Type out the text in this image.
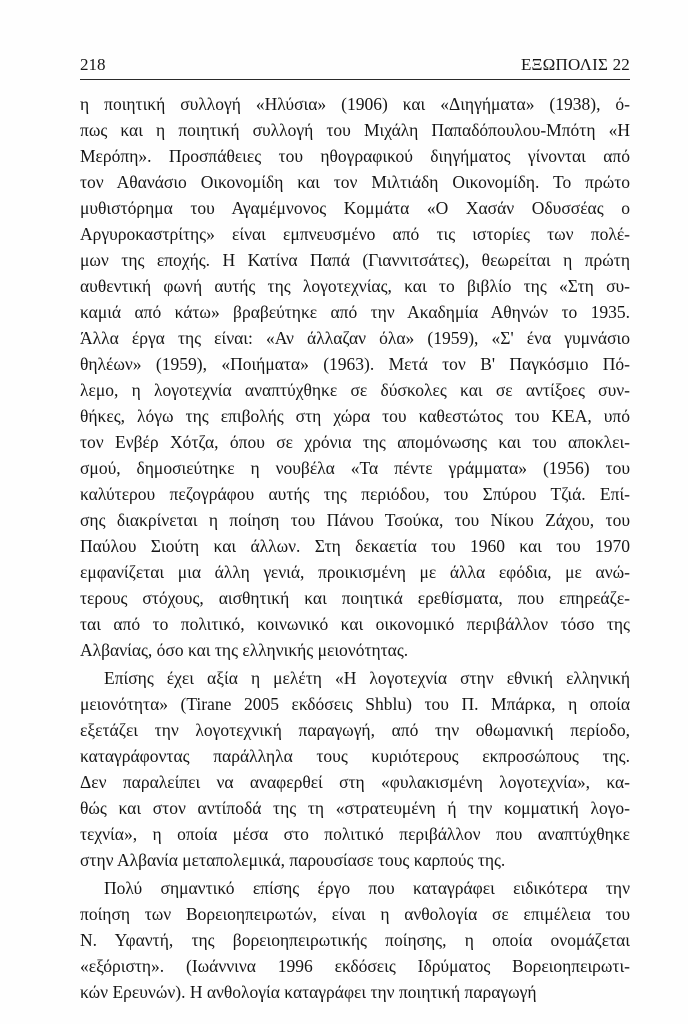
218	ΕΞΩΠΟΛΙΣ 22
η ποιητική συλλογή «Ηλύσια» (1906) και «Διηγήματα» (1938), ό-
πως και η ποιητική συλλογή του Μιχάλη Παπαδόπουλου-Μπότη «Η
Μερόπη». Προσπάθειες του ηθογραφικού διηγήματος γίνονται από
τον Αθανάσιο Οικονομίδη και τον Μιλτιάδη Οικονομίδη. Το πρώτο
μυθιστόρημα του Αγαμέμνονος Κομμάτα «Ο Χασάν Οδυσσέας ο
Αργυροκαστρίτης» είναι εμπνευσμένο από τις ιστορίες των πολέ-
μων της εποχής. Η Κατίνα Παπά (Γιαννιτσάτες), θεωρείται η πρώτη
αυθεντική φωνή αυτής της λογοτεχνίας, και το βιβλίο της «Στη συ-
καμιά από κάτω» βραβεύτηκε από την Ακαδημία Αθηνών το 1935.
Άλλα έργα της είναι: «Αν άλλαζαν όλα» (1959), «Σ' ένα γυμνάσιο
θηλέων» (1959), «Ποιήματα» (1963). Μετά τον Β' Παγκόσμιο Πό-
λεμο, η λογοτεχνία αναπτύχθηκε σε δύσκολες και σε αντίξοες συν-
θήκες, λόγω της επιβολής στη χώρα του καθεστώτος του ΚΕΑ, υπό
τον Ενβέρ Χότζα, όπου σε χρόνια της απομόνωσης και του αποκλει-
σμού, δημοσιεύτηκε η νουβέλα «Τα πέντε γράμματα» (1956) του
καλύτερου πεζογράφου αυτής της περιόδου, του Σπύρου Τζιά. Επί-
σης διακρίνεται η ποίηση του Πάνου Τσούκα, του Νίκου Ζάχου, του
Παύλου Σιούτη και άλλων. Στη δεκαετία του 1960 και του 1970
εμφανίζεται μια άλλη γενιά, προικισμένη με άλλα εφόδια, με ανώ-
τερους στόχους, αισθητική και ποιητικά ερεθίσματα, που επηρεάζε-
ται από το πολιτικό, κοινωνικό και οικονομικό περιβάλλον τόσο της
Αλβανίας, όσο και της ελληνικής μειονότητας.
Επίσης έχει αξία η μελέτη «Η λογοτεχνία στην εθνική ελληνική
μειονότητα» (Tirane 2005 εκδόσεις Shblu) του Π. Μπάρκα, η οποία
εξετάζει την λογοτεχνική παραγωγή, από την οθωμανική περίοδο,
καταγράφοντας παράλληλα τους κυριότερους εκπροσώπους της.
Δεν παραλείπει να αναφερθεί στη «φυλακισμένη λογοτεχνία», κα-
θώς και στον αντίποδά της τη «στρατευμένη ή την κομματική λογο-
τεχνία», η οποία μέσα στο πολιτικό περιβάλλον που αναπτύχθηκε
στην Αλβανία μεταπολεμικά, παρουσίασε τους καρπούς της.
Πολύ σημαντικό επίσης έργο που καταγράφει ειδικότερα την
ποίηση των Βορειοηπειρωτών, είναι η ανθολογία σε επιμέλεια του
Ν. Υφαντή, της βορειοηπειρωτικής ποίησης, η οποία ονομάζεται
«εξόριστη». (Ιωάννινα 1996 εκδόσεις Ιδρύματος Βορειοηπειρωτι-
κών Ερευνών). Η ανθολογία καταγράφει την ποιητική παραγωγή
